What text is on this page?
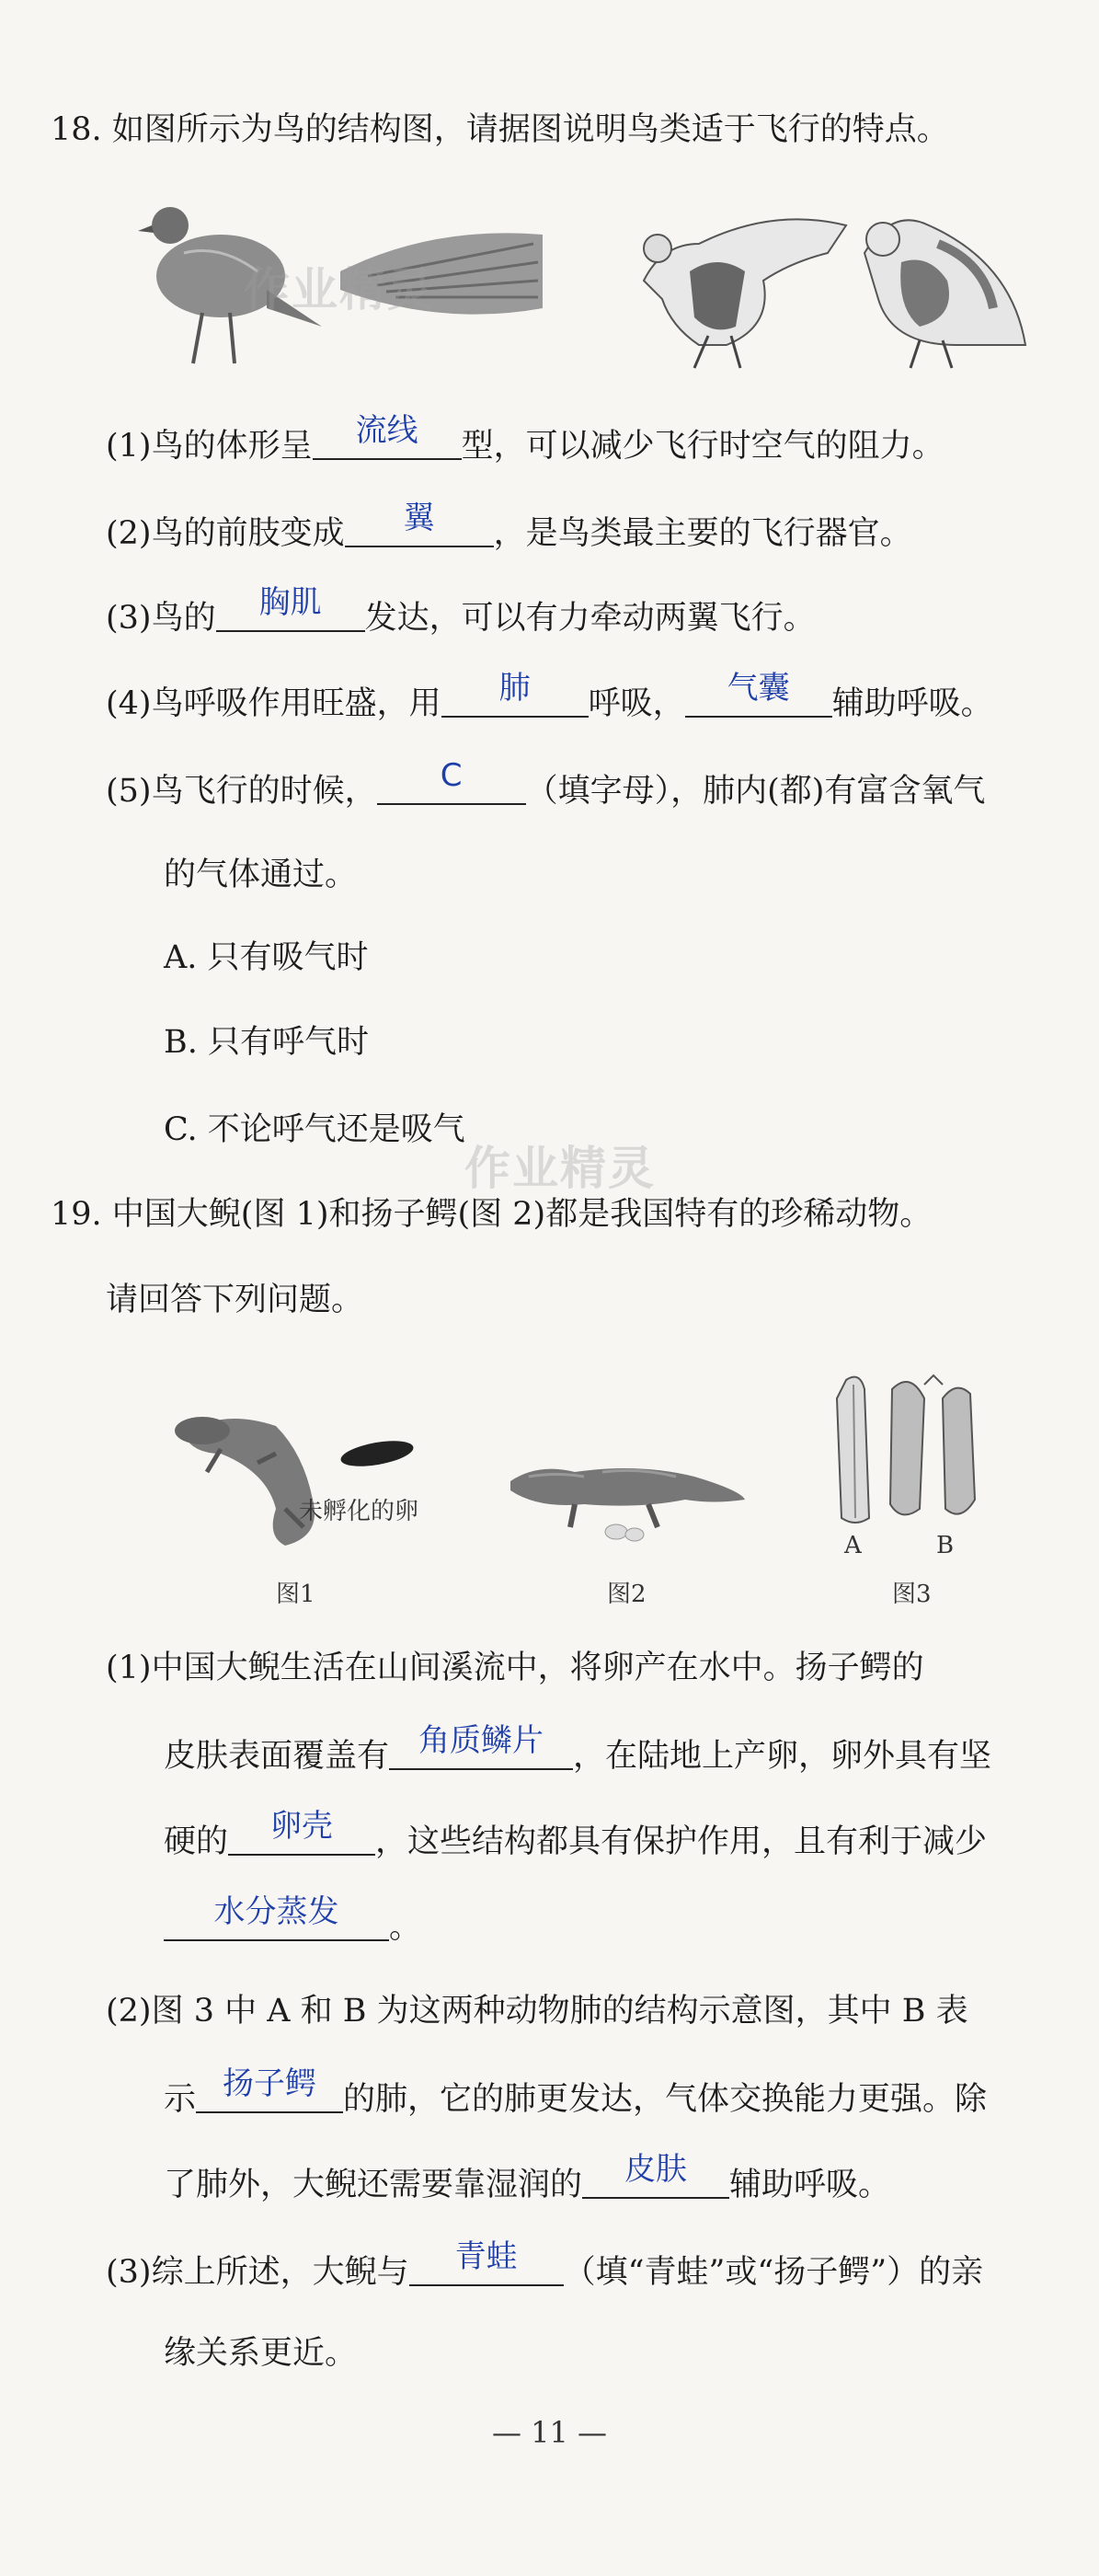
18. 如图所示为鸟的结构图，请据图说明鸟类适于飞行的特点。
作业精灵
(1)鸟的体形呈	流线	型，可以减少飞行时空气的阻力。
(2)鸟的前肢变成	翼	，是鸟类最主要的飞行器官。
(3)鸟的	胸肌	发达，可以有力牵动两翼飞行。
(4)鸟呼吸作用旺盛，用	肺	呼吸，	气囊	辅助呼吸。
(5)鸟飞行的时候，	C	（填字母），肺内(都)有富含氧气
的气体通过。
A. 只有吸气时
B. 只有呼气时
C. 不论呼气还是吸气
作业精灵
19. 中国大鲵(图 1)和扬子鳄(图 2)都是我国特有的珍稀动物。
请回答下列问题。
未孵化的卵
A	B
图1	图2	图3
(1)中国大鲵生活在山间溪流中，将卵产在水中。扬子鳄的
皮肤表面覆盖有 角质鳞片 ，在陆地上产卵，卵外具有坚
硬的	卵壳	，这些结构都具有保护作用，且有利于减少
水分蒸发	。
(2)图 3 中 A 和 B 为这两种动物肺的结构示意图，其中 B 表
示 扬子鳄 的肺，它的肺更发达，气体交换能力更强。除
了肺外，大鲵还需要靠湿润的	皮肤	辅助呼吸。
(3)综上所述，大鲵与	青蛙	（填“青蛙”或“扬子鳄”）的亲
缘关系更近。
— 11 —
